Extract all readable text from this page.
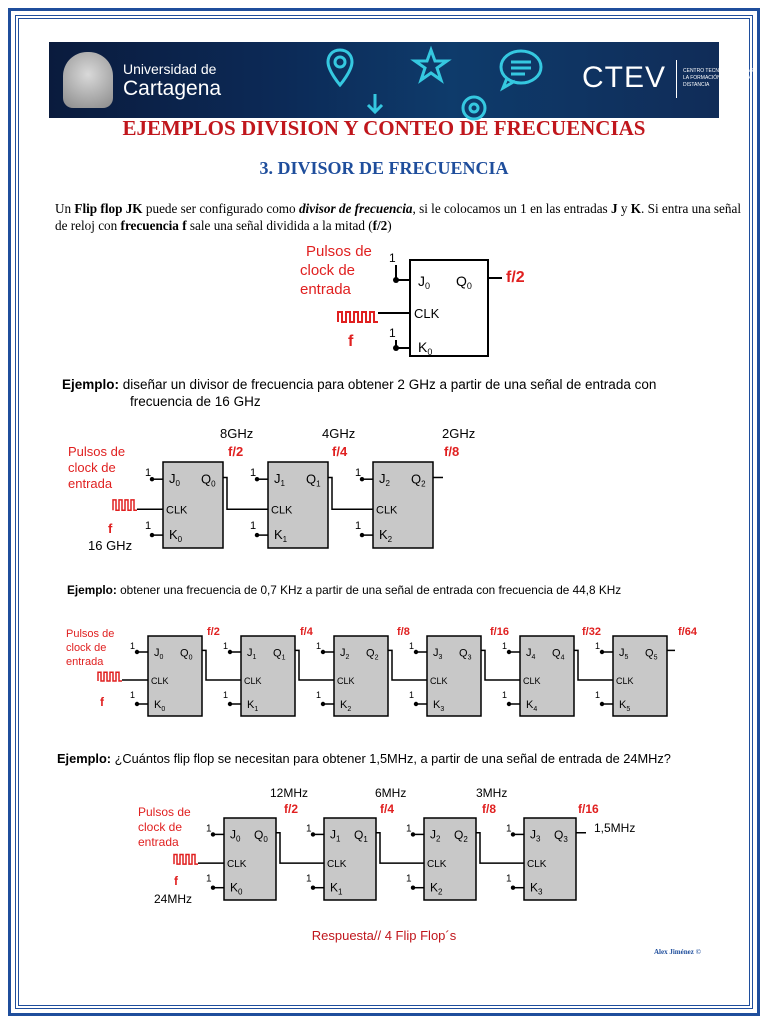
Universidad de
Cartagena	CTEV	CENTRO TECNOLÓGICO PARA LA FORMACIÓN VIRTUAL Y A DISTANCIA
EJEMPLOS DIVISION Y CONTEO DE FRECUENCIAS
3. DIVISOR DE FRECUENCIA
Un Flip flop JK puede ser configurado como divisor de frecuencia, si le colocamos un 1 en las entradas J y K. Si entra una señal de reloj con frecuencia f sale una señal dividida a la mitad (f/2)
Pulsos de
clock de
entrada
f
1
1
$J_0$ $Q_0$
CLK
$K_0$
f/2
Ejemplo: diseñar un divisor de frecuencia para obtener 2 GHz a partir de una señal de entrada con
frecuencia de 16 GHz
Pulsos de
clock de
entrada
f
16 GHz
1
1
$J_0$ $Q_0$
CLK
$K_0$
1
1
$J_1$ $Q_1$
CLK
$K_1$
1
1
$J_2$ $Q_2$
CLK
$K_2$
8GHz	4GHz	2GHz
f/2	f/4	f/8
Ejemplo: obtener una frecuencia de 0,7 KHz a partir de una señal de entrada con frecuencia de 44,8 KHz
Pulsos de
clock de
entrada
f
1
1
$J_0$ $Q_0$
CLK
$K_0$
1
1
$J_1$ $Q_1$
CLK
$K_1$
1
1
$J_2$ $Q_2$
CLK
$K_2$
1
1
$J_3$ $Q_3$
CLK
$K_3$
1
1
$J_4$ $Q_4$
CLK
$K_4$
1
1
$J_5$ $Q_5$
CLK
$K_5$
f/2	f/4	f/8	f/16	f/32	f/64
Ejemplo: ¿Cuántos flip flop se necesitan para obtener 1,5MHz, a partir de una señal de entrada de 24MHz?
Pulsos de
clock de
entrada
f
24MHz
1
1
$J_0$ $Q_0$
CLK
$K_0$
1
1
$J_1$ $Q_1$
CLK
$K_1$
1
1
$J_2$ $Q_2$
CLK
$K_2$
1
1
$J_3$ $Q_3$
CLK
$K_3$
12MHz	6MHz	3MHz
f/2	f/4	f/8	f/16
1,5MHz
Respuesta// 4 Flip Flop´s
Alex Jiménez ©
